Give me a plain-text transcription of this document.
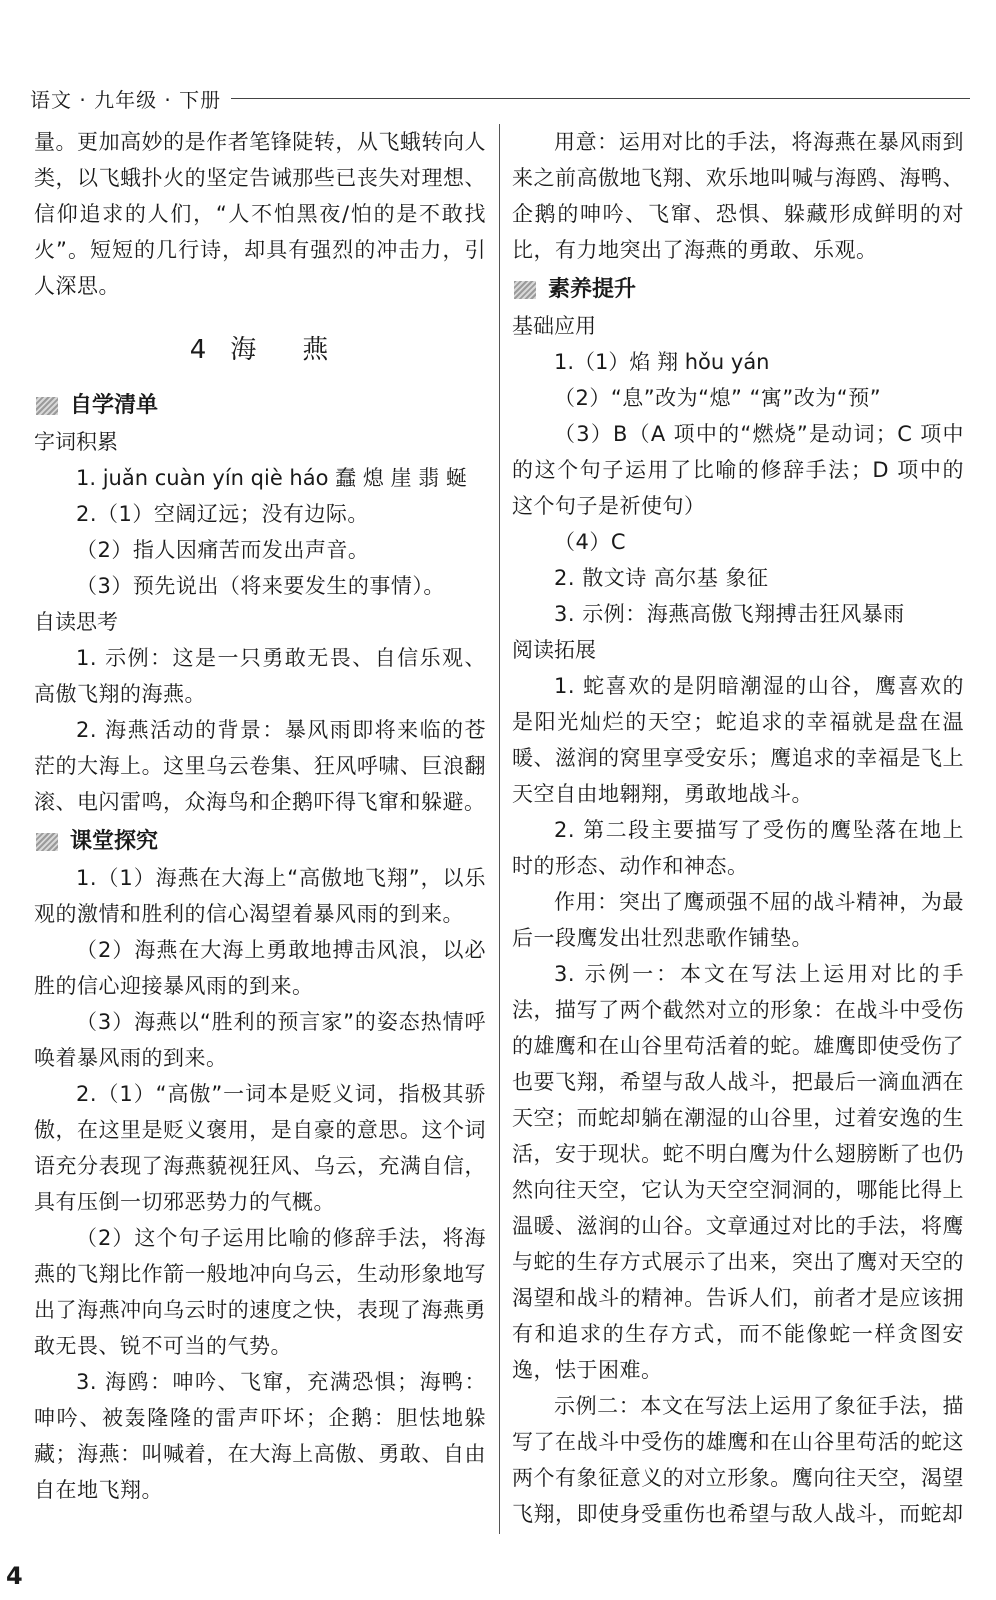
语文 · 九年级 · 下册

量。更加高妙的是作者笔锋陡转，从飞蛾转向人类，以飞蛾扑火的坚定告诫那些已丧失对理想、信仰追求的人们，“人不怕黑夜/怕的是不敢找火”。短短的几行诗，却具有强烈的冲击力，引人深思。

4 海 燕
自学清单
字词积累

1. juǎn cuàn yín qiè háo 蠢 熄 崖 翡 蜒

2.（1）空阔辽远；没有边际。

（2）指人因痛苦而发出声音。

（3）预先说出（将来要发生的事情）。

自读思考

1. 示例：这是一只勇敢无畏、自信乐观、高傲飞翔的海燕。

2. 海燕活动的背景：暴风雨即将来临的苍茫的大海上。这里乌云卷集、狂风呼啸、巨浪翻滚、电闪雷鸣，众海鸟和企鹅吓得飞窜和躲避。

课堂探究

1.（1）海燕在大海上“高傲地飞翔”，以乐观的激情和胜利的信心渴望着暴风雨的到来。

（2）海燕在大海上勇敢地搏击风浪，以必胜的信心迎接暴风雨的到来。

（3）海燕以“胜利的预言家”的姿态热情呼唤着暴风雨的到来。

2.（1）“高傲”一词本是贬义词，指极其骄傲，在这里是贬义褒用，是自豪的意思。这个词语充分表现了海燕藐视狂风、乌云，充满自信，具有压倒一切邪恶势力的气概。

（2）这个句子运用比喻的修辞手法，将海燕的飞翔比作箭一般地冲向乌云，生动形象地写出了海燕冲向乌云时的速度之快，表现了海燕勇敢无畏、锐不可当的气势。

3. 海鸥：呻吟、飞窜，充满恐惧；海鸭：呻吟、被轰隆隆的雷声吓坏；企鹅：胆怯地躲藏；海燕：叫喊着，在大海上高傲、勇敢、自由自在地飞翔。

用意：运用对比的手法，将海燕在暴风雨到来之前高傲地飞翔、欢乐地叫喊与海鸥、海鸭、企鹅的呻吟、飞窜、恐惧、躲藏形成鲜明的对比，有力地突出了海燕的勇敢、乐观。

素养提升
基础应用

1.（1）焰 翔 hǒu yán

（2）“息”改为“熄” “寓”改为“预”

（3）B（A 项中的“燃烧”是动词；C 项中的这个句子运用了比喻的修辞手法；D 项中的这个句子是祈使句）

（4）C

2. 散文诗 高尔基 象征

3. 示例：海燕高傲飞翔搏击狂风暴雨

阅读拓展

1. 蛇喜欢的是阴暗潮湿的山谷，鹰喜欢的是阳光灿烂的天空；蛇追求的幸福就是盘在温暖、滋润的窝里享受安乐；鹰追求的幸福是飞上天空自由地翱翔，勇敢地战斗。

2. 第二段主要描写了受伤的鹰坠落在地上时的形态、动作和神态。

作用：突出了鹰顽强不屈的战斗精神，为最后一段鹰发出壮烈悲歌作铺垫。

3. 示例一：本文在写法上运用对比的手法，描写了两个截然对立的形象：在战斗中受伤的雄鹰和在山谷里苟活着的蛇。雄鹰即使受伤了也要飞翔，希望与敌人战斗，把最后一滴血洒在天空；而蛇却躺在潮湿的山谷里，过着安逸的生活，安于现状。蛇不明白鹰为什么翅膀断了也仍然向往天空，它认为天空空洞洞的，哪能比得上温暖、滋润的山谷。文章通过对比的手法，将鹰与蛇的生存方式展示了出来，突出了鹰对天空的渴望和战斗的精神。告诉人们，前者才是应该拥有和追求的生存方式，而不能像蛇一样贪图安逸，怯于困难。

示例二：本文在写法上运用了象征手法，描写了在战斗中受伤的雄鹰和在山谷里苟活的蛇这两个有象征意义的对立形象。鹰向往天空，渴望飞翔，即使身受重伤也希望与敌人战斗，而蛇却

4
